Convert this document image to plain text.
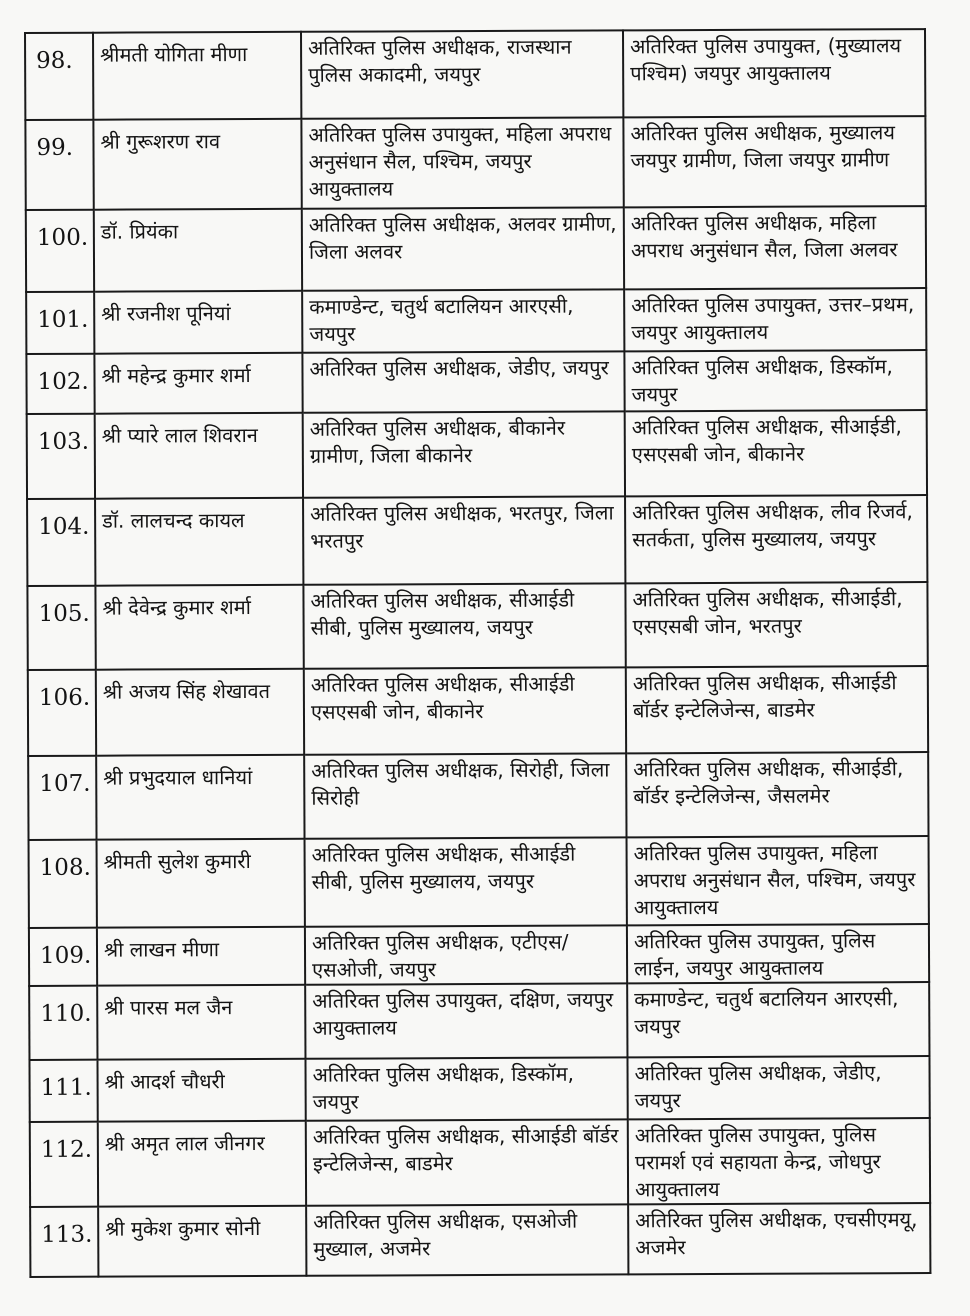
98.	श्रीमती योगिता मीणा	अतिरिक्त पुलिस अधीक्षक, राजस्थान पुलिस अकादमी, जयपुर	अतिरिक्त पुलिस उपायुक्त, (मुख्यालय पश्चिम) जयपुर आयुक्तालय
99.	श्री गुरूशरण राव	अतिरिक्त पुलिस उपायुक्त, महिला अपराध अनुसंधान सैल, पश्चिम, जयपुर आयुक्तालय	अतिरिक्त पुलिस अधीक्षक, मुख्यालय जयपुर ग्रामीण, जिला जयपुर ग्रामीण
100.	डॉ. प्रियंका	अतिरिक्त पुलिस अधीक्षक, अलवर ग्रामीण, जिला अलवर	अतिरिक्त पुलिस अधीक्षक, महिला अपराध अनुसंधान सैल, जिला अलवर
101.	श्री रजनीश पूनियां	कमाण्डेन्ट, चतुर्थ बटालियन आरएसी, जयपुर	अतिरिक्त पुलिस उपायुक्त, उत्तर–प्रथम, जयपुर आयुक्तालय
102.	श्री महेन्द्र कुमार शर्मा	अतिरिक्त पुलिस अधीक्षक, जेडीए, जयपुर	अतिरिक्त पुलिस अधीक्षक, डिस्कॉम, जयपुर
103.	श्री प्यारे लाल शिवरान	अतिरिक्त पुलिस अधीक्षक, बीकानेर ग्रामीण, जिला बीकानेर	अतिरिक्त पुलिस अधीक्षक, सीआईडी, एसएसबी जोन, बीकानेर
104.	डॉ. लालचन्द कायल	अतिरिक्त पुलिस अधीक्षक, भरतपुर, जिला भरतपुर	अतिरिक्त पुलिस अधीक्षक, लीव रिजर्व, सतर्कता, पुलिस मुख्यालय, जयपुर
105.	श्री देवेन्द्र कुमार शर्मा	अतिरिक्त पुलिस अधीक्षक, सीआईडी सीबी, पुलिस मुख्यालय, जयपुर	अतिरिक्त पुलिस अधीक्षक, सीआईडी, एसएसबी जोन, भरतपुर
106.	श्री अजय सिंह शेखावत	अतिरिक्त पुलिस अधीक्षक, सीआईडी एसएसबी जोन, बीकानेर	अतिरिक्त पुलिस अधीक्षक, सीआईडी बॉर्डर इन्टेलिजेन्स, बाडमेर
107.	श्री प्रभुदयाल धानियां	अतिरिक्त पुलिस अधीक्षक, सिरोही, जिला सिरोही	अतिरिक्त पुलिस अधीक्षक, सीआईडी, बॉर्डर इन्टेलिजेन्स, जैसलमेर
108.	श्रीमती सुलेश कुमारी	अतिरिक्त पुलिस अधीक्षक, सीआईडी सीबी, पुलिस मुख्यालय, जयपुर	अतिरिक्त पुलिस उपायुक्त, महिला अपराध अनुसंधान सैल, पश्चिम, जयपुर आयुक्तालय
109.	श्री लाखन मीणा	अतिरिक्त पुलिस अधीक्षक, एटीएस/एसओजी, जयपुर	अतिरिक्त पुलिस उपायुक्त, पुलिस लाईन, जयपुर आयुक्तालय
110.	श्री पारस मल जैन	अतिरिक्त पुलिस उपायुक्त, दक्षिण, जयपुर आयुक्तालय	कमाण्डेन्ट, चतुर्थ बटालियन आरएसी, जयपुर
111.	श्री आदर्श चौधरी	अतिरिक्त पुलिस अधीक्षक, डिस्कॉम, जयपुर	अतिरिक्त पुलिस अधीक्षक, जेडीए, जयपुर
112.	श्री अमृत लाल जीनगर	अतिरिक्त पुलिस अधीक्षक, सीआईडी बॉर्डर इन्टेलिजेन्स, बाडमेर	अतिरिक्त पुलिस उपायुक्त, पुलिस परामर्श एवं सहायता केन्द्र, जोधपुर आयुक्तालय
113.	श्री मुकेश कुमार सोनी	अतिरिक्त पुलिस अधीक्षक, एसओजी मुख्याल, अजमेर	अतिरिक्त पुलिस अधीक्षक, एचसीएमयू, अजमेर
